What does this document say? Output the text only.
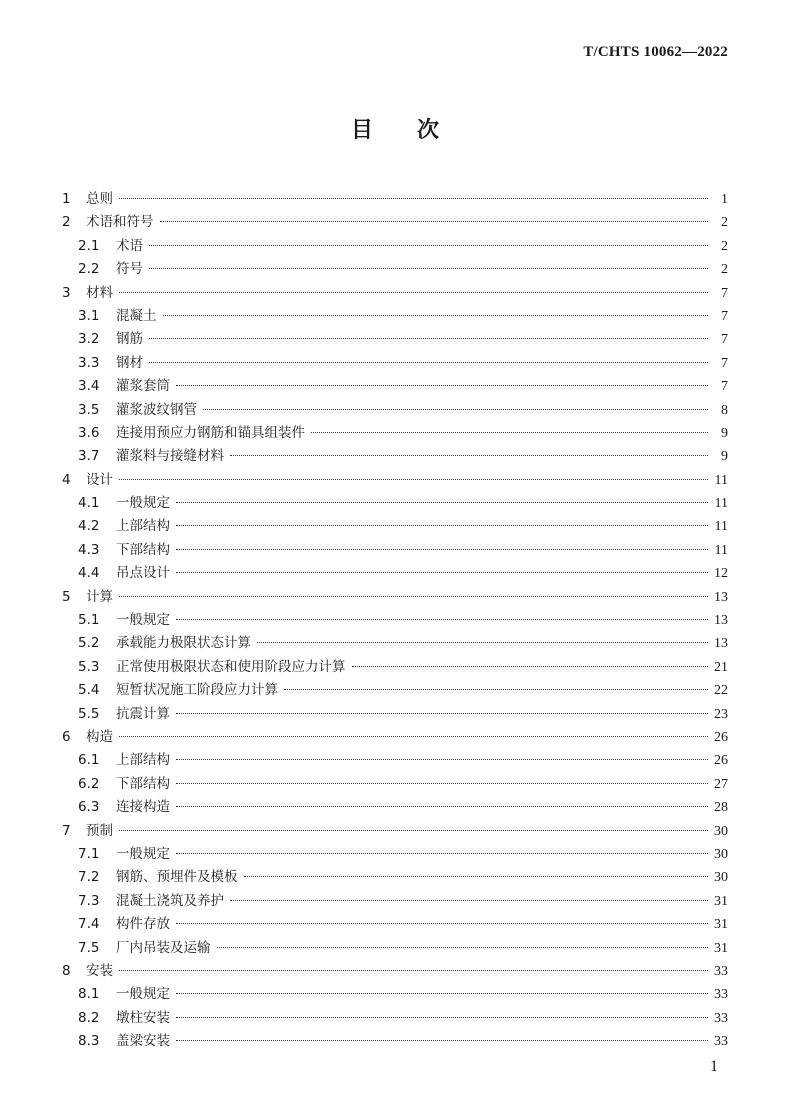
T/CHTS 10062—2022
目 次
1	总则	1
2	术语和符号	2
2.1	术语	2
2.2	符号	2
3	材料	7
3.1	混凝土	7
3.2	钢筋	7
3.3	钢材	7
3.4	灌浆套筒	7
3.5	灌浆波纹钢管	8
3.6	连接用预应力钢筋和锚具组装件	9
3.7	灌浆料与接缝材料	9
4	设计	11
4.1	一般规定	11
4.2	上部结构	11
4.3	下部结构	11
4.4	吊点设计	12
5	计算	13
5.1	一般规定	13
5.2	承载能力极限状态计算	13
5.3	正常使用极限状态和使用阶段应力计算	21
5.4	短暂状况施工阶段应力计算	22
5.5	抗震计算	23
6	构造	26
6.1	上部结构	26
6.2	下部结构	27
6.3	连接构造	28
7	预制	30
7.1	一般规定	30
7.2	钢筋、预埋件及模板	30
7.3	混凝土浇筑及养护	31
7.4	构件存放	31
7.5	厂内吊装及运输	31
8	安装	33
8.1	一般规定	33
8.2	墩柱安装	33
8.3	盖梁安装	33
1
